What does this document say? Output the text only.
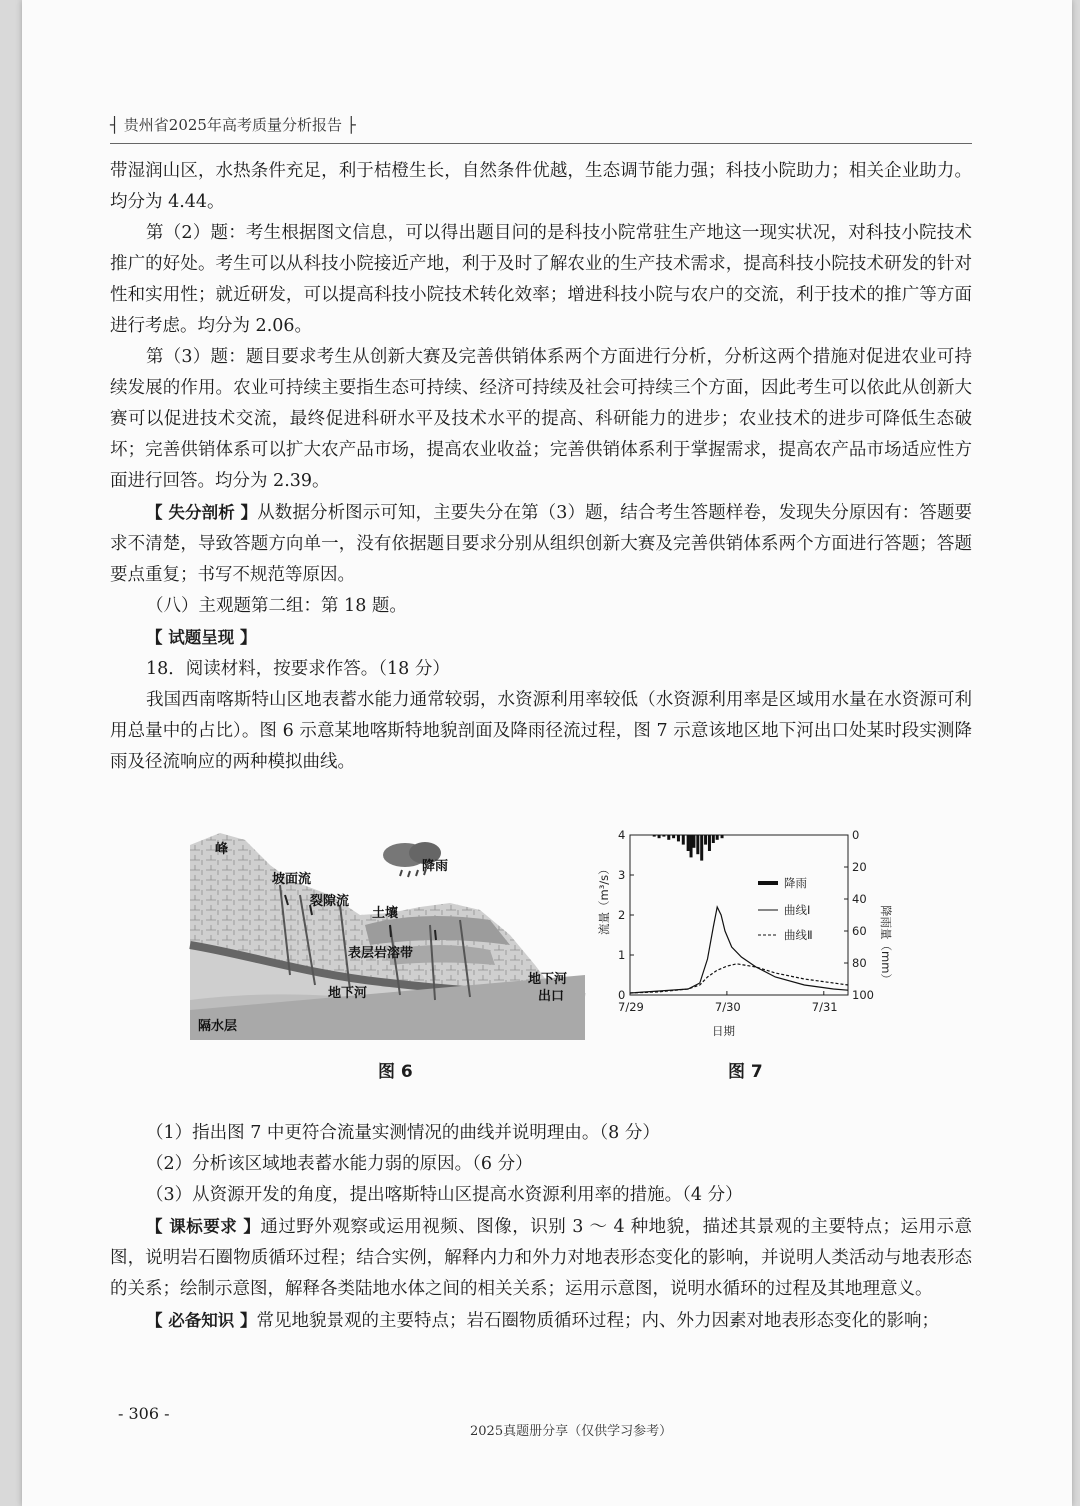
┤ 贵州省2025年高考质量分析报告 ├

带湿润山区，水热条件充足，利于桔橙生长，自然条件优越，生态调节能力强；科技小院助力；相关企业助力。均分为 4.44。

第（2）题：考生根据图文信息，可以得出题目问的是科技小院常驻生产地这一现实状况，对科技小院技术推广的好处。考生可以从科技小院接近产地，利于及时了解农业的生产技术需求，提高科技小院技术研发的针对性和实用性；就近研发，可以提高科技小院技术转化效率；增进科技小院与农户的交流，利于技术的推广等方面进行考虑。均分为 2.06。

第（3）题：题目要求考生从创新大赛及完善供销体系两个方面进行分析，分析这两个措施对促进农业可持续发展的作用。农业可持续主要指生态可持续、经济可持续及社会可持续三个方面，因此考生可以依此从创新大赛可以促进技术交流，最终促进科研水平及技术水平的提高、科研能力的进步；农业技术的进步可降低生态破坏；完善供销体系可以扩大农产品市场，提高农业收益；完善供销体系利于掌握需求，提高农产品市场适应性方面进行回答。均分为 2.39。

【 失分剖析 】从数据分析图示可知，主要失分在第（3）题，结合考生答题样卷，发现失分原因有：答题要求不清楚，导致答题方向单一，没有依据题目要求分别从组织创新大赛及完善供销体系两个方面进行答题；答题要点重复；书写不规范等原因。

（八）主观题第二组：第 18 题。

【 试题呈现 】

18．阅读材料，按要求作答。（18 分）

我国西南喀斯特山区地表蓄水能力通常较弱，水资源利用率较低（水资源利用率是区域用水量在水资源可利用总量中的占比）。图 6 示意某地喀斯特地貌剖面及降雨径流过程，图 7 示意该地区地下河出口处某时段实测降雨及径流响应的两种模拟曲线。

峰
降雨
坡面流
裂隙流
土壤
表层岩溶带
地下河
地下河
出口
隔水层
0
1
2
3
4	0
20
40
60
80
100
7/29	7/30	7/31
流量（m³/s）
降雨量（mm）
日期
降雨
曲线Ⅰ
曲线Ⅱ
图 6	图 7

（1）指出图 7 中更符合流量实测情况的曲线并说明理由。（8 分）

（2）分析该区域地表蓄水能力弱的原因。（6 分）

（3）从资源开发的角度，提出喀斯特山区提高水资源利用率的措施。（4 分）

【 课标要求 】通过野外观察或运用视频、图像，识别 3 ～ 4 种地貌，描述其景观的主要特点；运用示意图，说明岩石圈物质循环过程；结合实例，解释内力和外力对地表形态变化的影响，并说明人类活动与地表形态的关系；绘制示意图，解释各类陆地水体之间的相关关系；运用示意图，说明水循环的过程及其地理意义。

【 必备知识 】常见地貌景观的主要特点；岩石圈物质循环过程；内、外力因素对地表形态变化的影响；

- 306 -
2025真题册分享（仅供学习参考）
